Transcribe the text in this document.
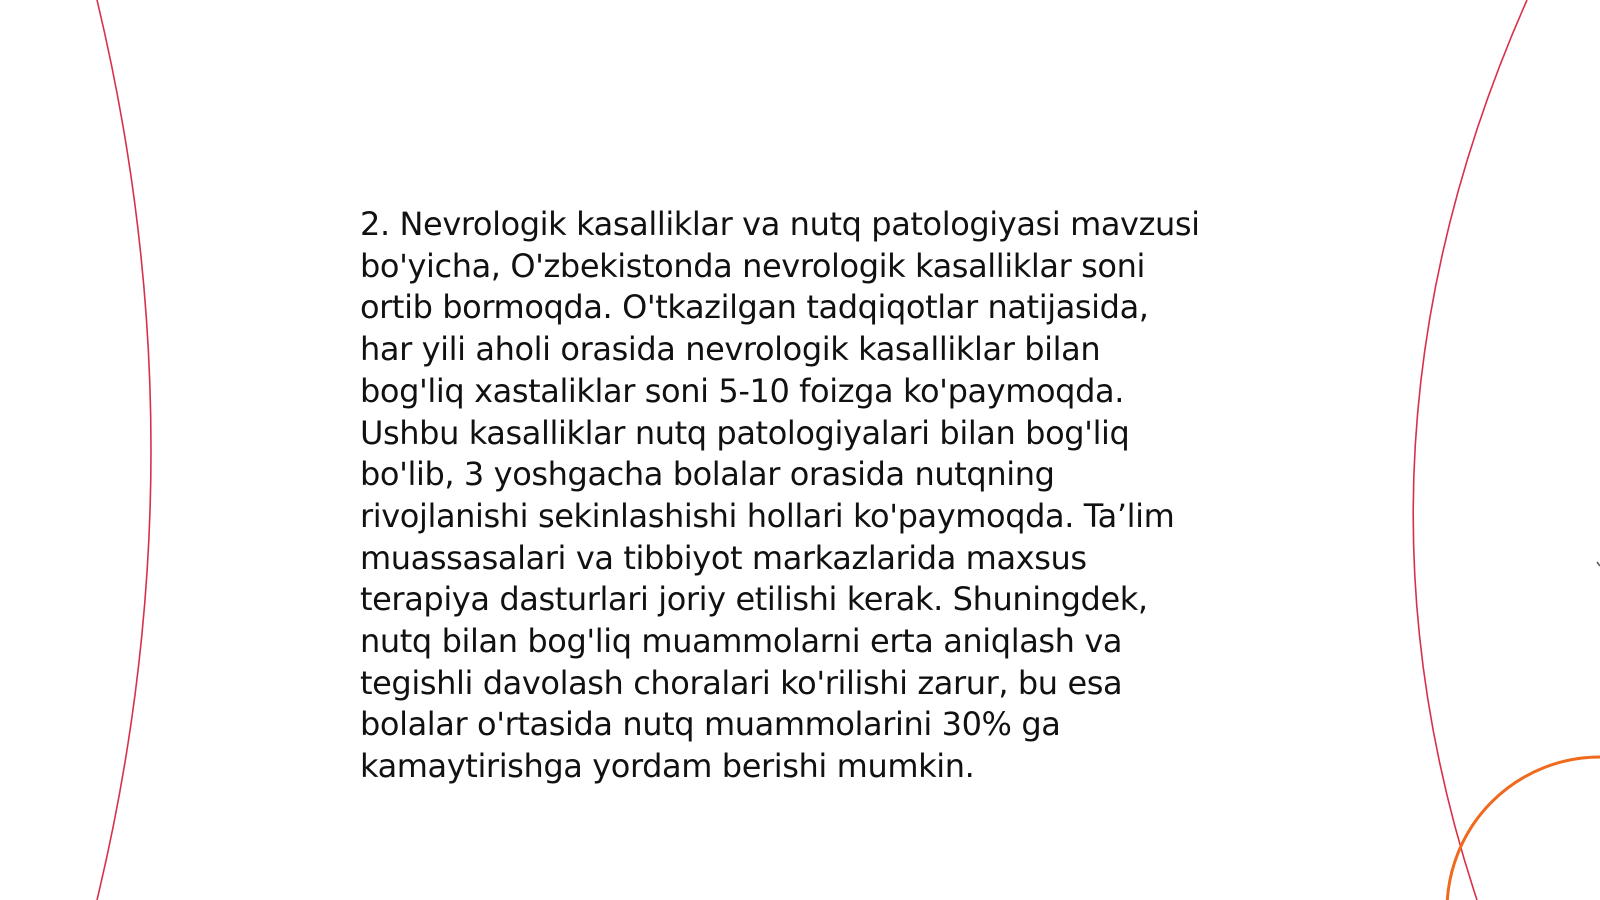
2. Nevrologik kasalliklar va nutq patologiyasi mavzusi
bo'yicha, O'zbekistonda nevrologik kasalliklar soni
ortib bormoqda. O'tkazilgan tadqiqotlar natijasida,
har yili aholi orasida nevrologik kasalliklar bilan
bog'liq xastaliklar soni 5-10 foizga ko'paymoqda.
Ushbu kasalliklar nutq patologiyalari bilan bog'liq
bo'lib, 3 yoshgacha bolalar orasida nutqning
rivojlanishi sekinlashishi hollari ko'paymoqda. Ta’lim
muassasalari va tibbiyot markazlarida maxsus
terapiya dasturlari joriy etilishi kerak. Shuningdek,
nutq bilan bog'liq muammolarni erta aniqlash va
tegishli davolash choralari ko'rilishi zarur, bu esa
bolalar o'rtasida nutq muammolarini 30% ga
kamaytirishga yordam berishi mumkin.
